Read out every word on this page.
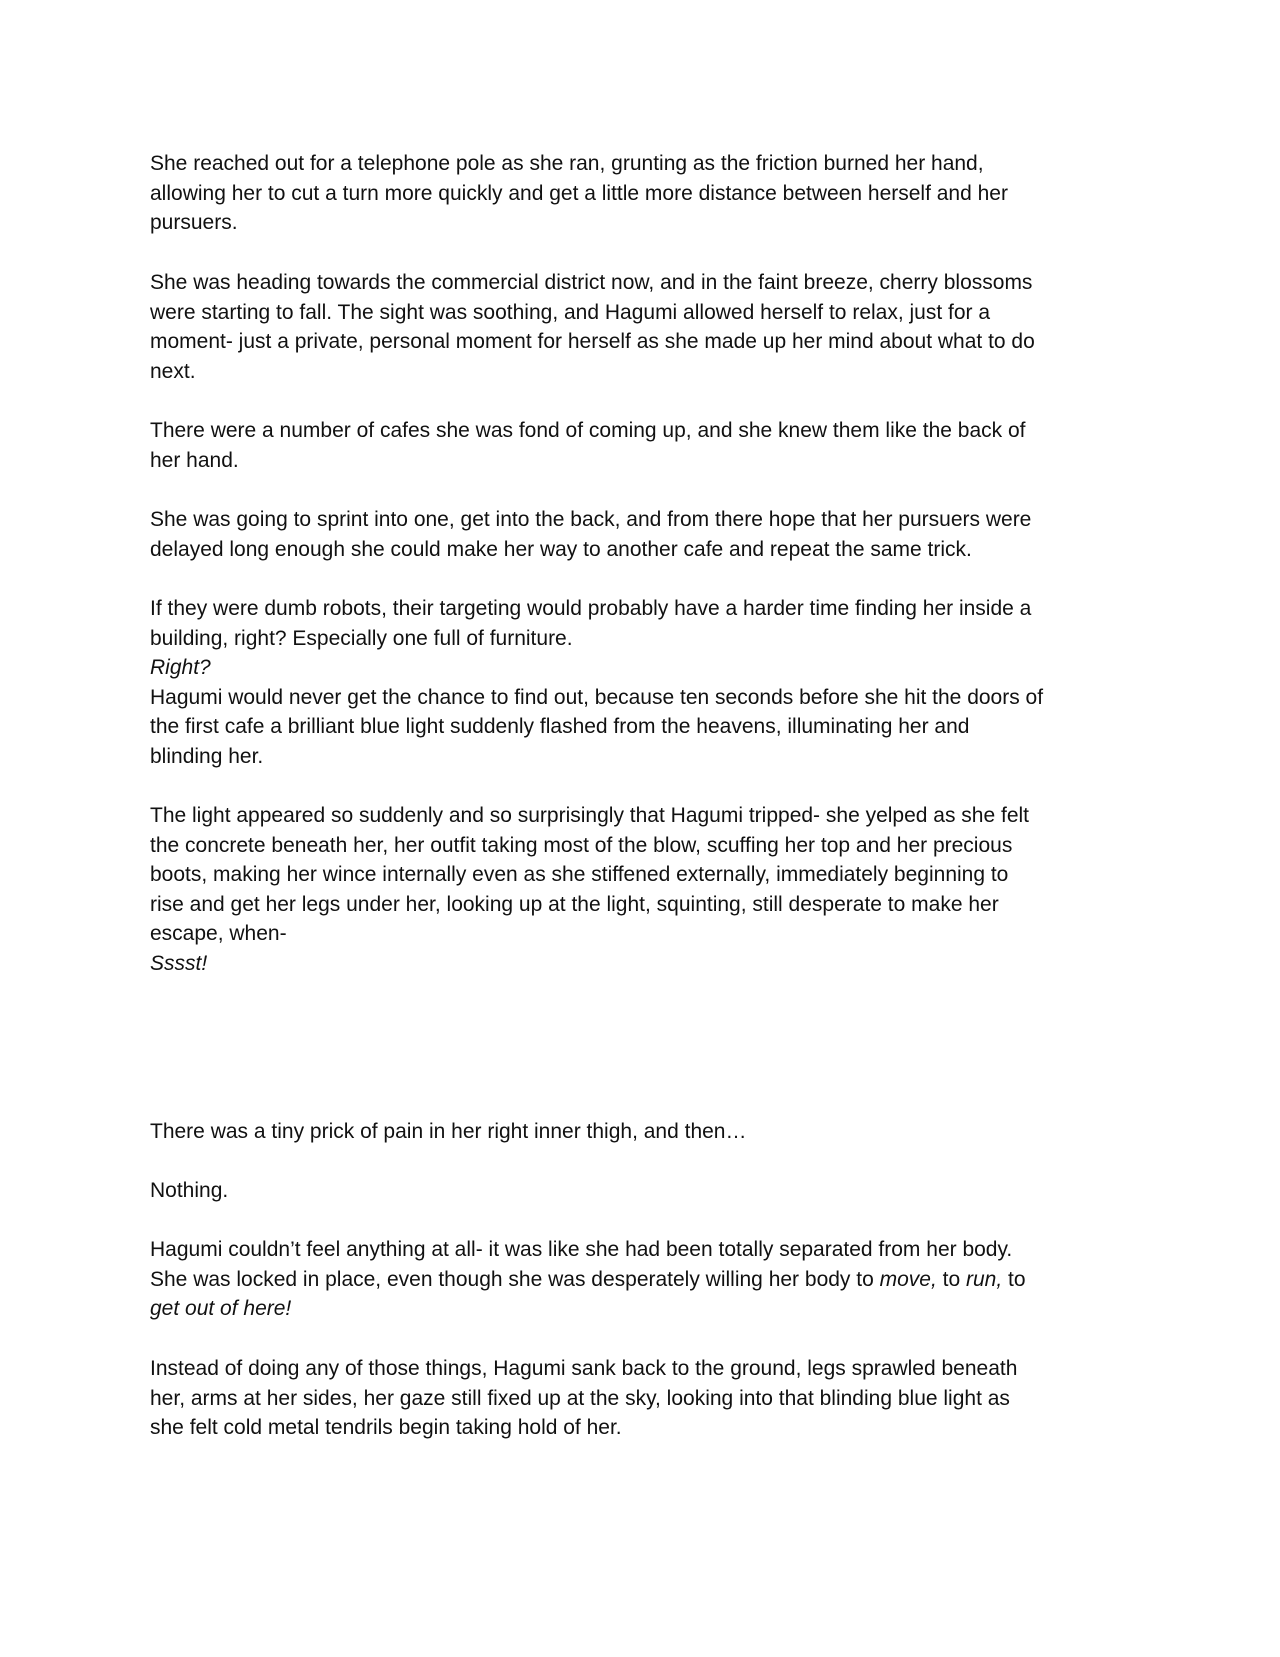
She reached out for a telephone pole as she ran, grunting as the friction burned her hand,
allowing her to cut a turn more quickly and get a little more distance between herself and her
pursuers.

She was heading towards the commercial district now, and in the faint breeze, cherry blossoms
were starting to fall. The sight was soothing, and Hagumi allowed herself to relax, just for a
moment- just a private, personal moment for herself as she made up her mind about what to do
next.

There were a number of cafes she was fond of coming up, and she knew them like the back of
her hand.

She was going to sprint into one, get into the back, and from there hope that her pursuers were
delayed long enough she could make her way to another cafe and repeat the same trick.

If they were dumb robots, their targeting would probably have a harder time finding her inside a
building, right? Especially one full of furniture.
Right?
Hagumi would never get the chance to find out, because ten seconds before she hit the doors of
the first cafe a brilliant blue light suddenly flashed from the heavens, illuminating her and
blinding her.

The light appeared so suddenly and so surprisingly that Hagumi tripped- she yelped as she felt
the concrete beneath her, her outfit taking most of the blow, scuffing her top and her precious
boots, making her wince internally even as she stiffened externally, immediately beginning to
rise and get her legs under her, looking up at the light, squinting, still desperate to make her
escape, when-
Sssst!

There was a tiny prick of pain in her right inner thigh, and then…

Nothing.

Hagumi couldn’t feel anything at all- it was like she had been totally separated from her body.
She was locked in place, even though she was desperately willing her body to move, to run, to
get out of here!

Instead of doing any of those things, Hagumi sank back to the ground, legs sprawled beneath
her, arms at her sides, her gaze still fixed up at the sky, looking into that blinding blue light as
she felt cold metal tendrils begin taking hold of her.
